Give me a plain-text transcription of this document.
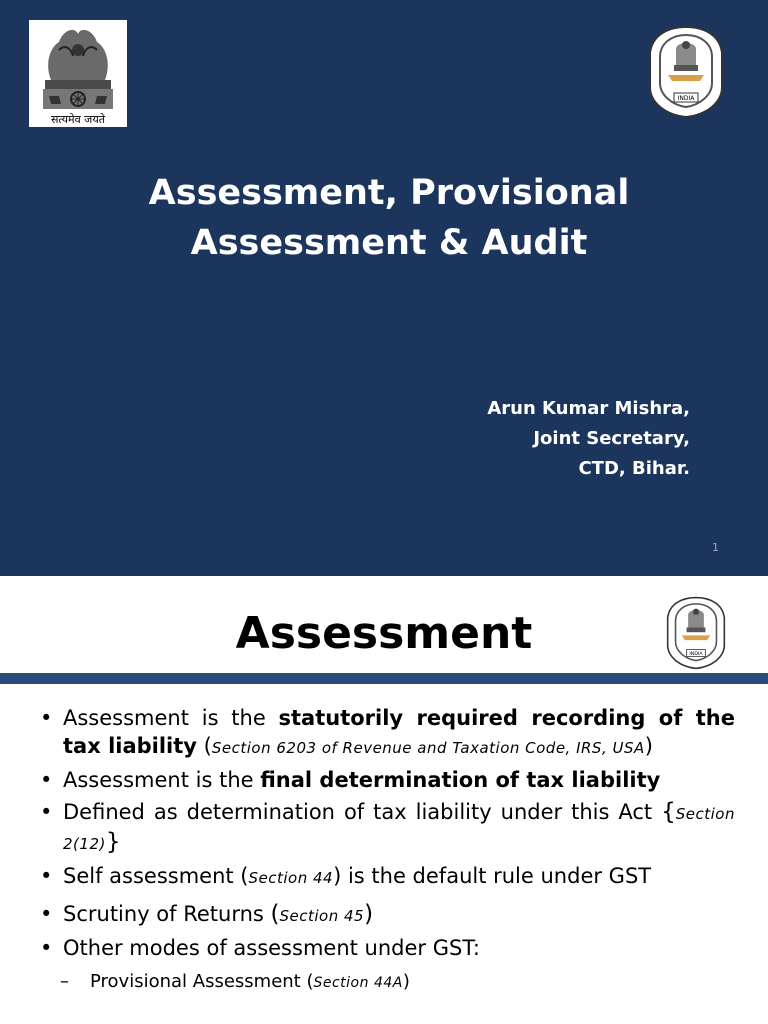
सत्यमेव जयते
INDIA
Assessment, Provisional
Assessment & Audit
Arun Kumar Mishra,
Joint Secretary,
CTD, Bihar.
1
Assessment	INDIA
• Assessment is the statutorily required recording of the tax liability (Section 6203 of Revenue and Taxation Code, IRS, USA)
• Assessment is the final determination of tax liability
• Defined as determination of tax liability under this Act {Section 2(12)}
• Self assessment (Section 44) is the default rule under GST
• Scrutiny of Returns (Section 45)
• Other modes of assessment under GST:
– Provisional Assessment (Section 44A)
